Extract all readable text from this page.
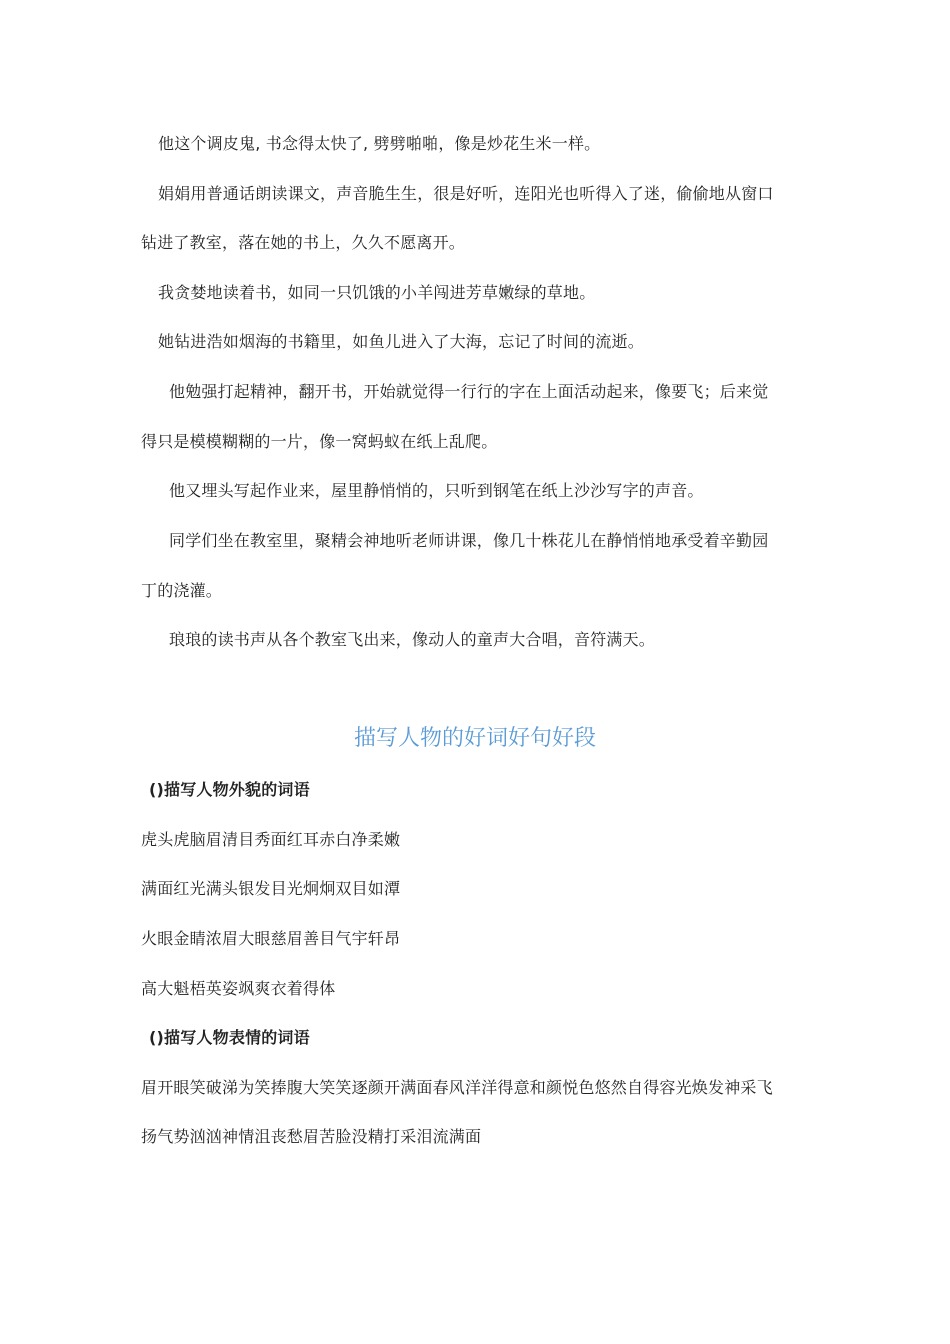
他这个调皮鬼, 书念得太快了, 劈劈啪啪，像是炒花生米一样。
娟娟用普通话朗读课文，声音脆生生，很是好听，连阳光也听得入了迷，偷偷地从窗口
钻进了教室，落在她的书上，久久不愿离开。
我贪婪地读着书，如同一只饥饿的小羊闯进芳草嫩绿的草地。
她钻进浩如烟海的书籍里，如鱼儿进入了大海，忘记了时间的流逝。
他勉强打起精神，翻开书，开始就觉得一行行的字在上面活动起来，像要飞；后来觉
得只是模模糊糊的一片，像一窝蚂蚁在纸上乱爬。
他又埋头写起作业来，屋里静悄悄的，只听到钢笔在纸上沙沙写字的声音。
同学们坐在教室里，聚精会神地听老师讲课，像几十株花儿在静悄悄地承受着辛勤园
丁的浇灌。
琅琅的读书声从各个教室飞出来，像动人的童声大合唱，音符满天。
描写人物的好词好句好段
()描写人物外貌的词语
虎头虎脑眉清目秀面红耳赤白净柔嫩
满面红光满头银发目光炯炯双目如潭
火眼金睛浓眉大眼慈眉善目气宇轩昂
高大魁梧英姿飒爽衣着得体
()描写人物表情的词语
眉开眼笑破涕为笑捧腹大笑笑逐颜开满面春风洋洋得意和颜悦色悠然自得容光焕发神采飞
扬气势汹汹神情沮丧愁眉苦脸没精打采泪流满面
